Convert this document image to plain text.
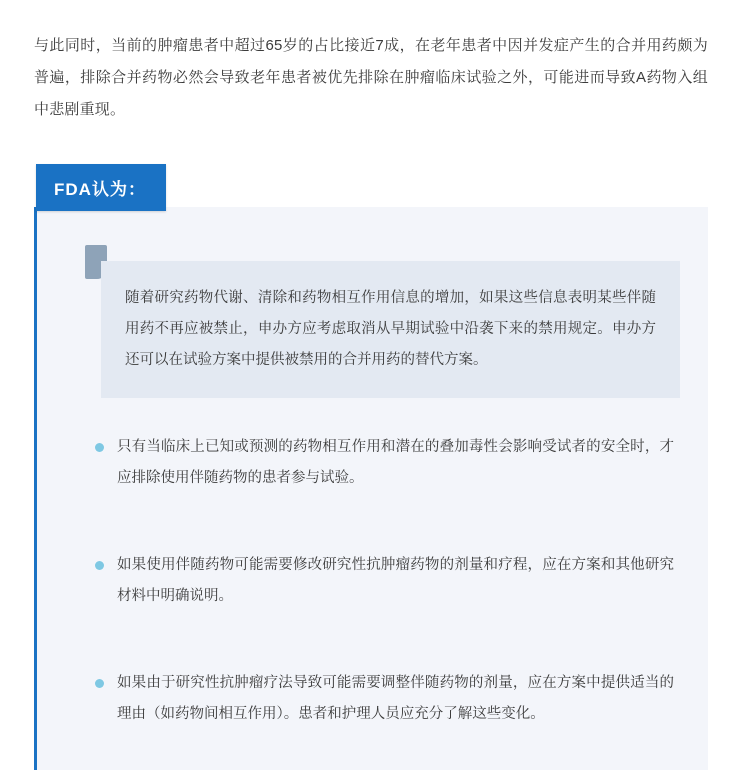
与此同时，当前的肿瘤患者中超过65岁的占比接近7成，在老年患者中因并发症产生的合并用药颇为普遍，排除合并药物必然会导致老年患者被优先排除在肿瘤临床试验之外，可能进而导致A药物入组中悲剧重现。

FDA认为：

随着研究药物代谢、清除和药物相互作用信息的增加，如果这些信息表明某些伴随用药不再应被禁止，申办方应考虑取消从早期试验中沿袭下来的禁用规定。申办方还可以在试验方案中提供被禁用的合并用药的替代方案。

只有当临床上已知或预测的药物相互作用和潜在的叠加毒性会影响受试者的安全时，才应排除使用伴随药物的患者参与试验。

如果使用伴随药物可能需要修改研究性抗肿瘤药物的剂量和疗程，应在方案和其他研究材料中明确说明。

如果由于研究性抗肿瘤疗法导致可能需要调整伴随药物的剂量，应在方案中提供适当的理由（如药物间相互作用）。患者和护理人员应充分了解这些变化。
